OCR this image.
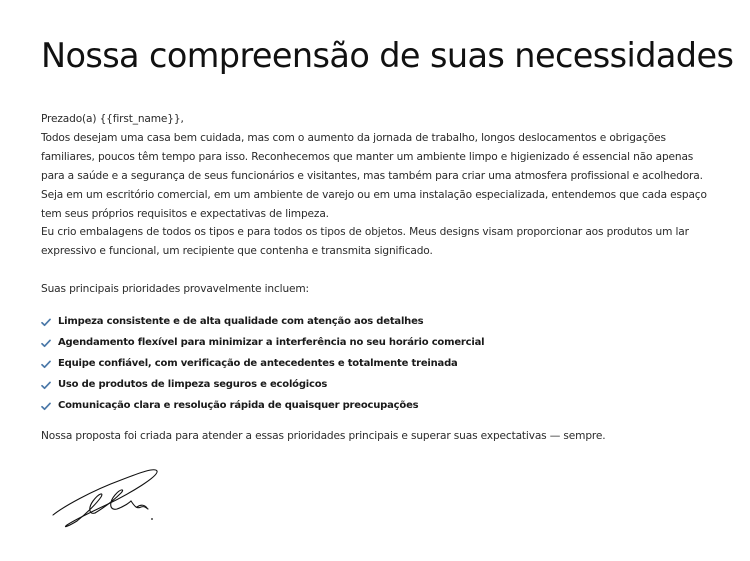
Nossa compreensão de suas necessidades

Prezado(a) {{first_name}},

Todos desejam uma casa bem cuidada, mas com o aumento da jornada de trabalho, longos deslocamentos e obrigações familiares, poucos têm tempo para isso. Reconhecemos que manter um ambiente limpo e higienizado é essencial não apenas para a saúde e a segurança de seus funcionários e visitantes, mas também para criar uma atmosfera profissional e acolhedora. Seja em um escritório comercial, em um ambiente de varejo ou em uma instalação especializada, entendemos que cada espaço tem seus próprios requisitos e expectativas de limpeza.

Eu crio embalagens de todos os tipos e para todos os tipos de objetos. Meus designs visam proporcionar aos produtos um lar expressivo e funcional, um recipiente que contenha e transmita significado.

Suas principais prioridades provavelmente incluem:

Limpeza consistente e de alta qualidade com atenção aos detalhes
Agendamento flexível para minimizar a interferência no seu horário comercial
Equipe confiável, com verificação de antecedentes e totalmente treinada
Uso de produtos de limpeza seguros e ecológicos
Comunicação clara e resolução rápida de quaisquer preocupações

Nossa proposta foi criada para atender a essas prioridades principais e superar suas expectativas — sempre.
